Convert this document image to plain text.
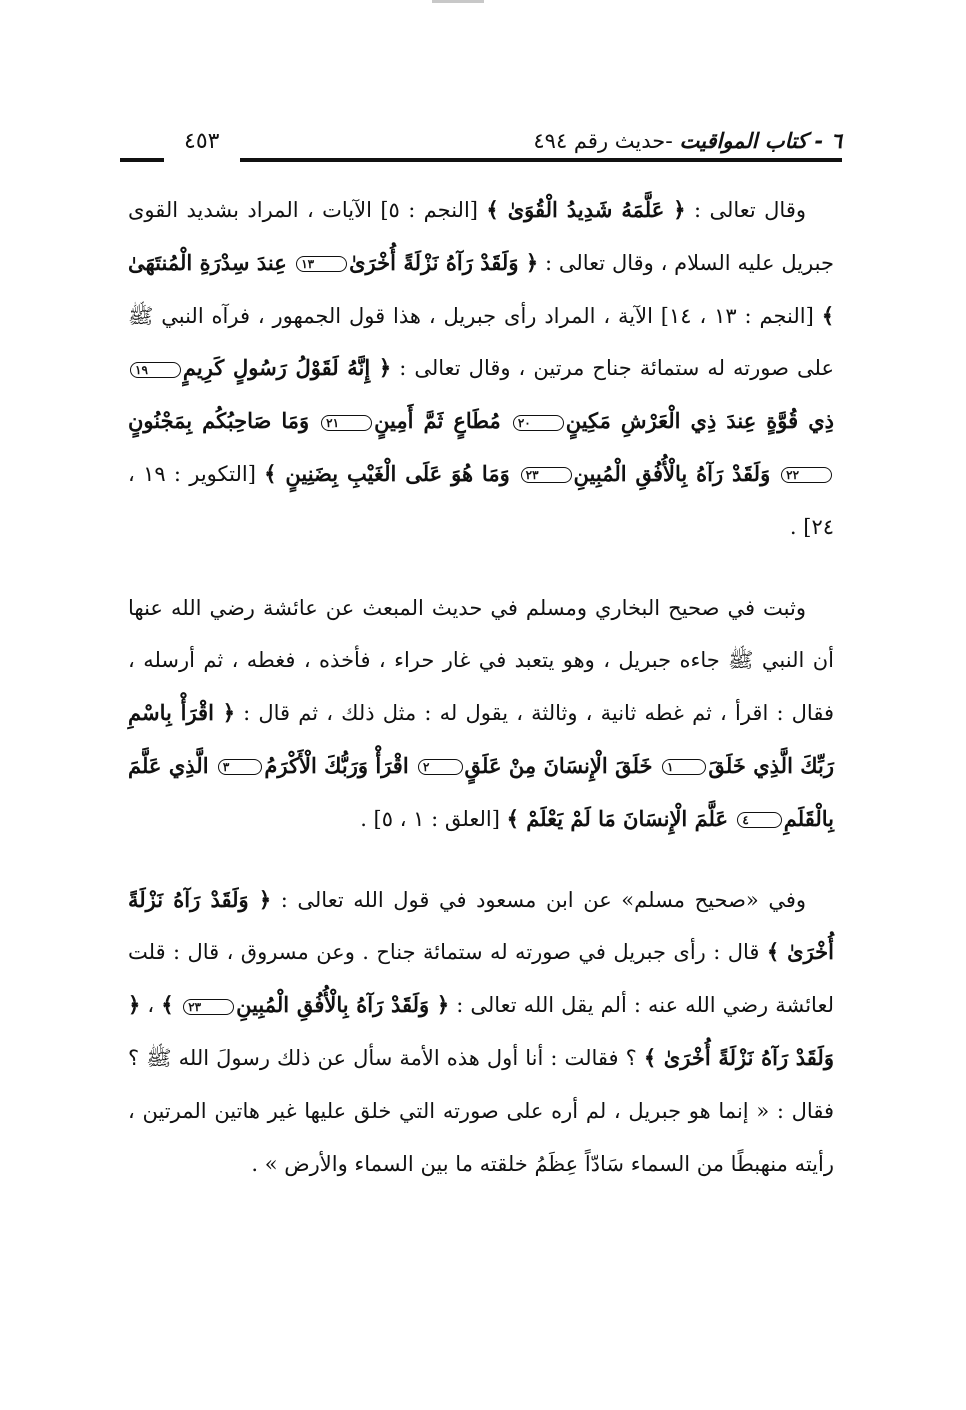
٦ - كتاب المواقيت -حديث رقم ٤٩٤
٤٥٣

وقال تعالى : ﴿ عَلَّمَهُ شَدِيدُ الْقُوَىٰ ﴾ [النجم : ٥] الآيات ، المراد بشديد القوى جبريل عليه السلام ، وقال تعالى : ﴿ وَلَقَدْ رَآهُ نَزْلَةً أُخْرَىٰ١٣ عِندَ سِدْرَةِ الْمُنتَهَىٰ ﴾ [النجم : ١٣ ، ١٤] الآية ، المراد رأى جبريل ، هذا قول الجمهور ، فرآه النبي ﷺ على صورته له ستمائة جناح مرتين ، وقال تعالى : ﴿ إِنَّهُ لَقَوْلُ رَسُولٍ كَرِيمٍ١٩ ذِي قُوَّةٍ عِندَ ذِي الْعَرْشِ مَكِينٍ٢٠ مُطَاعٍ ثَمَّ أَمِينٍ٢١ وَمَا صَاحِبُكُم بِمَجْنُونٍ٢٢ وَلَقَدْ رَآهُ بِالْأُفُقِ الْمُبِينِ٢٣ وَمَا هُوَ عَلَى الْغَيْبِ بِضَنِينٍ ﴾ [التكوير : ١٩ ، ٢٤] .

وثبت في صحيح البخاري ومسلم في حديث المبعث عن عائشة رضي الله عنها أن النبي ﷺ جاءه جبريل ، وهو يتعبد في غار حراء ، فأخذه ، فغطه ، ثم أرسله ، فقال : اقرأ ، ثم غطه ثانية ، وثالثة ، يقول له : مثل ذلك ، ثم قال : ﴿ اقْرَأْ بِاسْمِ رَبِّكَ الَّذِي خَلَقَ١ خَلَقَ الْإِنسَانَ مِنْ عَلَقٍ٢ اقْرَأْ وَرَبُّكَ الْأَكْرَمُ٣ الَّذِي عَلَّمَ بِالْقَلَمِ٤ عَلَّمَ الْإِنسَانَ مَا لَمْ يَعْلَمْ ﴾ [العلق : ١ ، ٥] .

وفي «صحيح مسلم» عن ابن مسعود في قول الله تعالى : ﴿ وَلَقَدْ رَآهُ نَزْلَةً أُخْرَىٰ ﴾ قال : رأى جبريل في صورته له ستمائة جناح . وعن مسروق ، قال : قلت لعائشة رضي الله عنه : ألم يقل الله تعالى : ﴿ وَلَقَدْ رَآهُ بِالْأُفُقِ الْمُبِينِ٢٣ ﴾ ، ﴿ وَلَقَدْ رَآهُ نَزْلَةً أُخْرَىٰ ﴾ ؟ فقالت : أنا أول هذه الأمة سأل عن ذلك رسولَ الله ﷺ ؟ فقال : « إنما هو جبريل ، لم أره على صورته التي خلق عليها غير هاتين المرتين ، رأيته منهبطًا من السماء سَادّاً عِظَمُ خلقته ما بين السماء والأرض » .
